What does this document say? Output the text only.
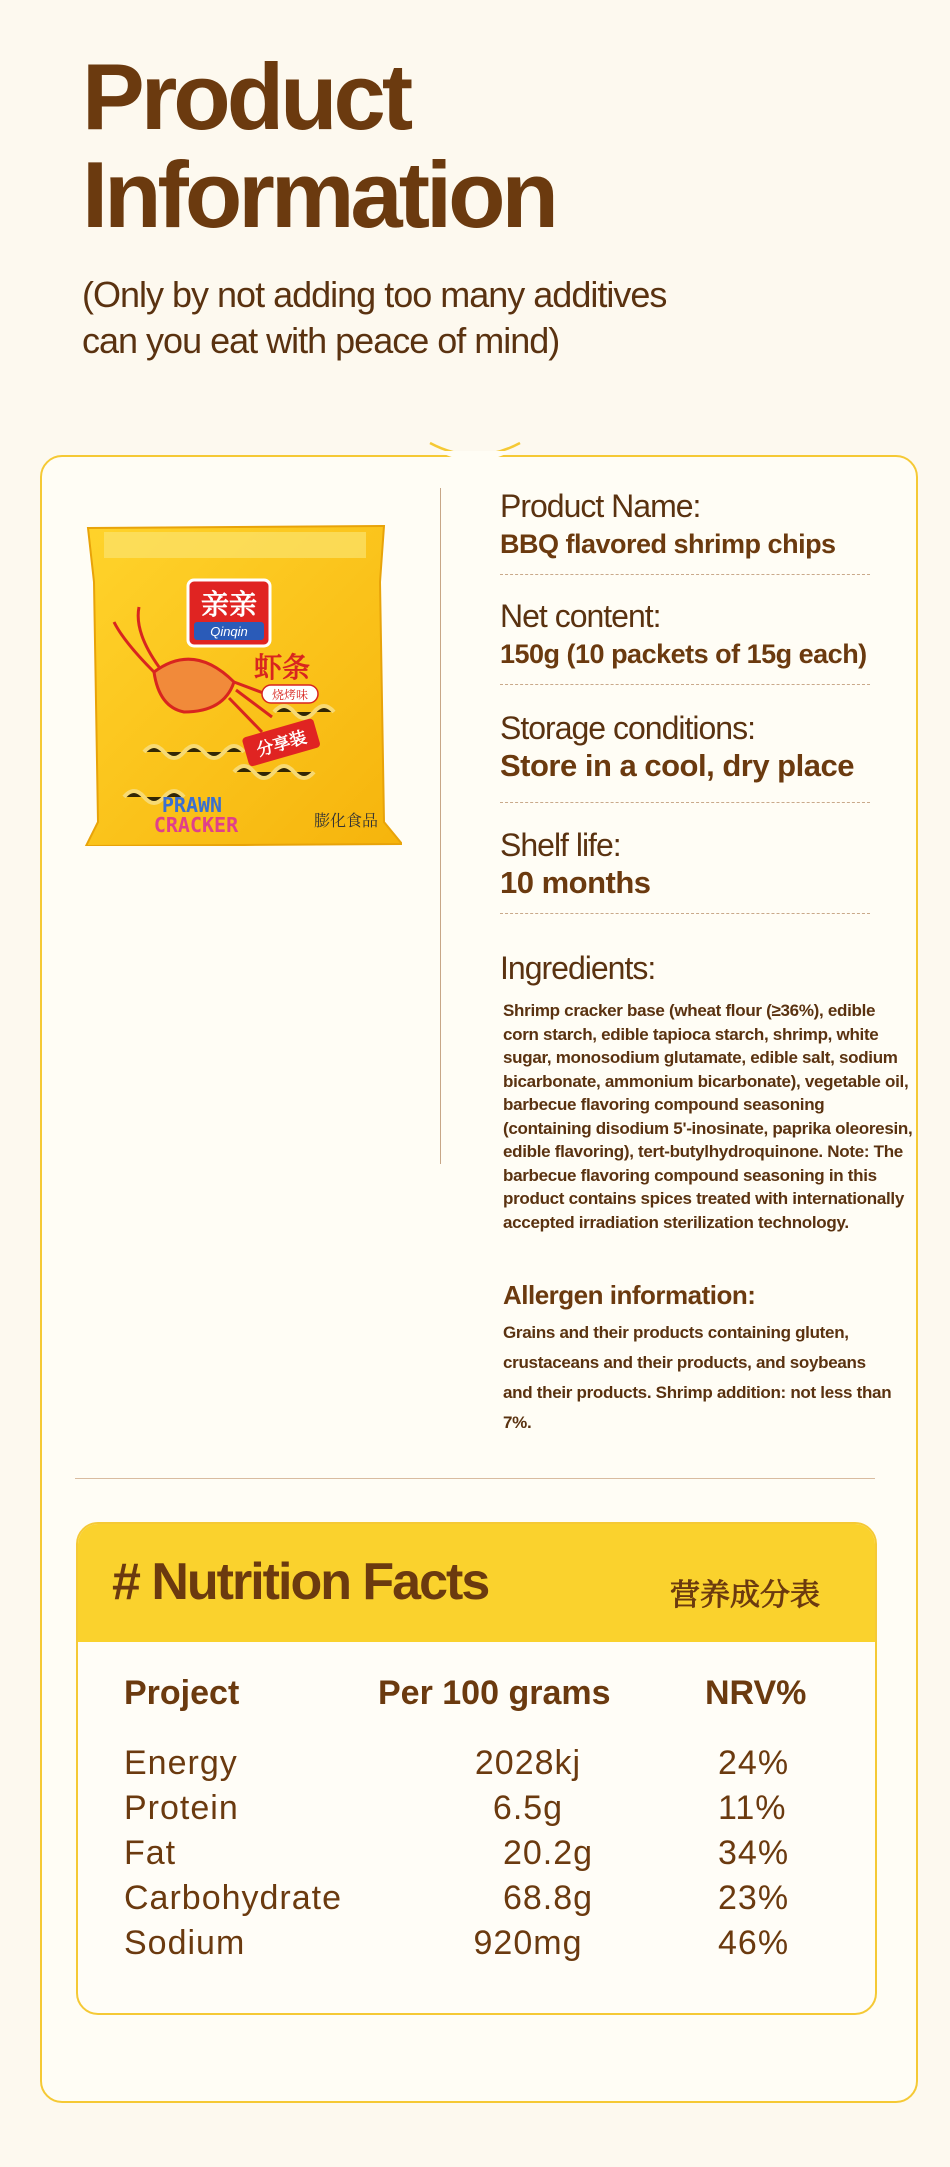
Product
Information

(Only by not adding too many additives
can you eat with peace of mind)

亲亲
Qinqin
虾条
烧烤味
分享装
PRAWN
CRACKER	膨化食品
Product Name:
BBQ flavored shrimp chips
Net content:
150g (10 packets of 15g each)
Storage conditions:
Store in a cool, dry place
Shelf life:
10 months
Ingredients:
Shrimp cracker base (wheat flour (≥36%), edible corn starch, edible tapioca starch, shrimp, white sugar, monosodium glutamate, edible salt, sodium bicarbonate, ammonium bicarbonate), vegetable oil, barbecue flavoring compound seasoning (containing disodium 5'-inosinate, paprika oleoresin, edible flavoring), tert-butylhydroquinone. Note: The barbecue flavoring compound seasoning in this product contains spices treated with internationally accepted irradiation sterilization technology.
Allergen information:
Grains and their products containing gluten, crustaceans and their products, and soybeans and their products. Shrimp addition: not less than 7%.
# Nutrition Facts	营养成分表
Project	Per 100 grams	NRV%
Energy	2028kj	24%
Protein	6.5g	11%
Fat	20.2g	34%
Carbohydrate	68.8g	23%
Sodium	920mg	46%
